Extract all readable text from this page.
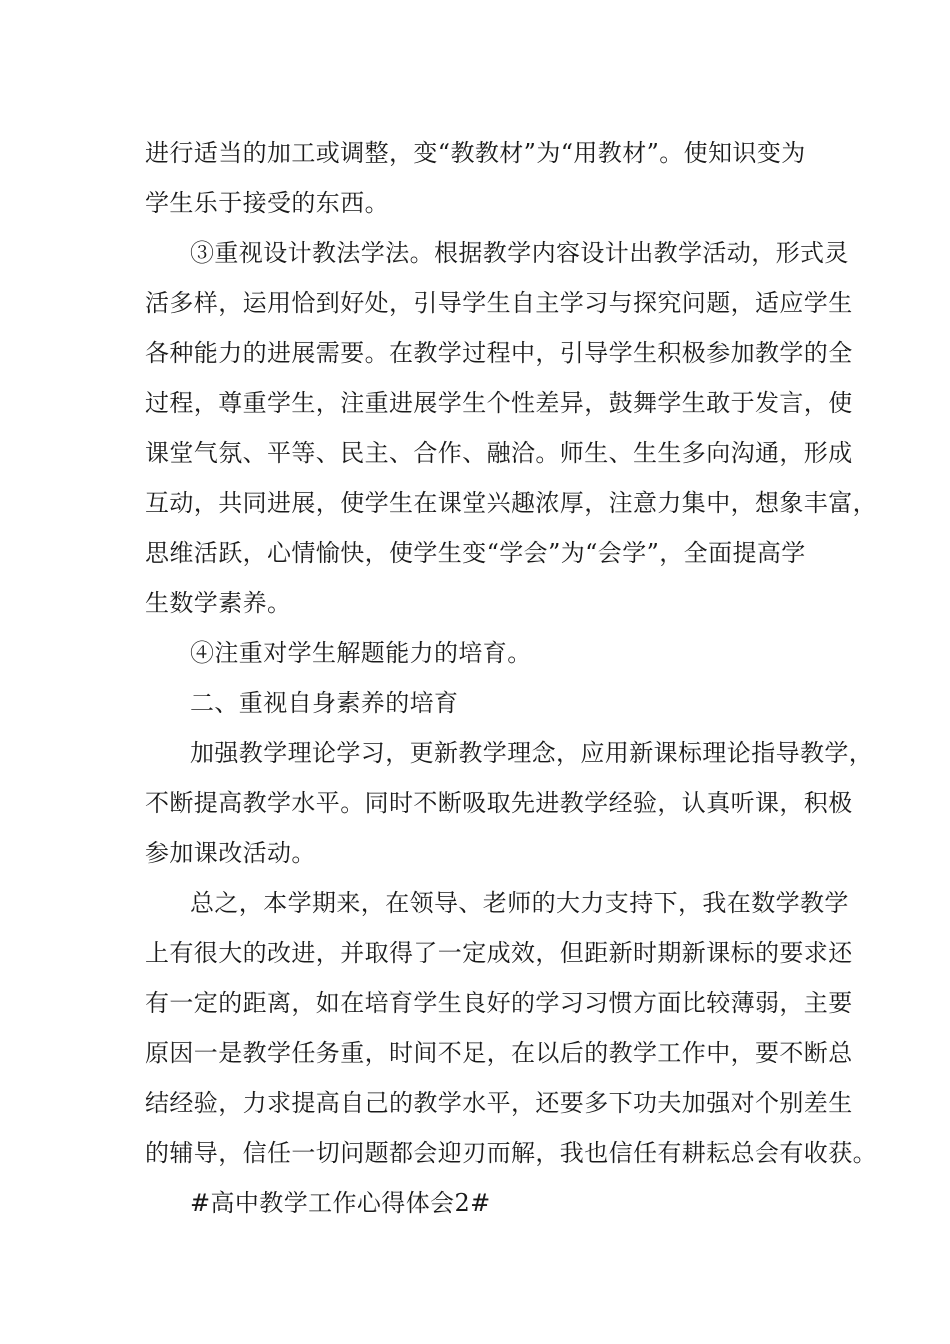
进行适当的加工或调整，变“教教材”为“用教材”。使知识变为
学生乐于接受的东西。
③重视设计教法学法。根据教学内容设计出教学活动，形式灵
活多样，运用恰到好处，引导学生自主学习与探究问题，适应学生
各种能力的进展需要。在教学过程中，引导学生积极参加教学的全
过程，尊重学生，注重进展学生个性差异，鼓舞学生敢于发言，使
课堂气氛、平等、民主、合作、融洽。师生、生生多向沟通，形成
互动，共同进展，使学生在课堂兴趣浓厚，注意力集中，想象丰富，
思维活跃，心情愉快，使学生变“学会”为“会学”，全面提高学
生数学素养。
④注重对学生解题能力的培育。
二、重视自身素养的培育
加强教学理论学习，更新教学理念，应用新课标理论指导教学，
不断提高教学水平。同时不断吸取先进教学经验，认真听课，积极
参加课改活动。
总之，本学期来，在领导、老师的大力支持下，我在数学教学
上有很大的改进，并取得了一定成效，但距新时期新课标的要求还
有一定的距离，如在培育学生良好的学习习惯方面比较薄弱，主要
原因一是教学任务重，时间不足，在以后的教学工作中，要不断总
结经验，力求提高自己的教学水平，还要多下功夫加强对个别差生
的辅导，信任一切问题都会迎刃而解，我也信任有耕耘总会有收获。
#高中教学工作心得体会2#
